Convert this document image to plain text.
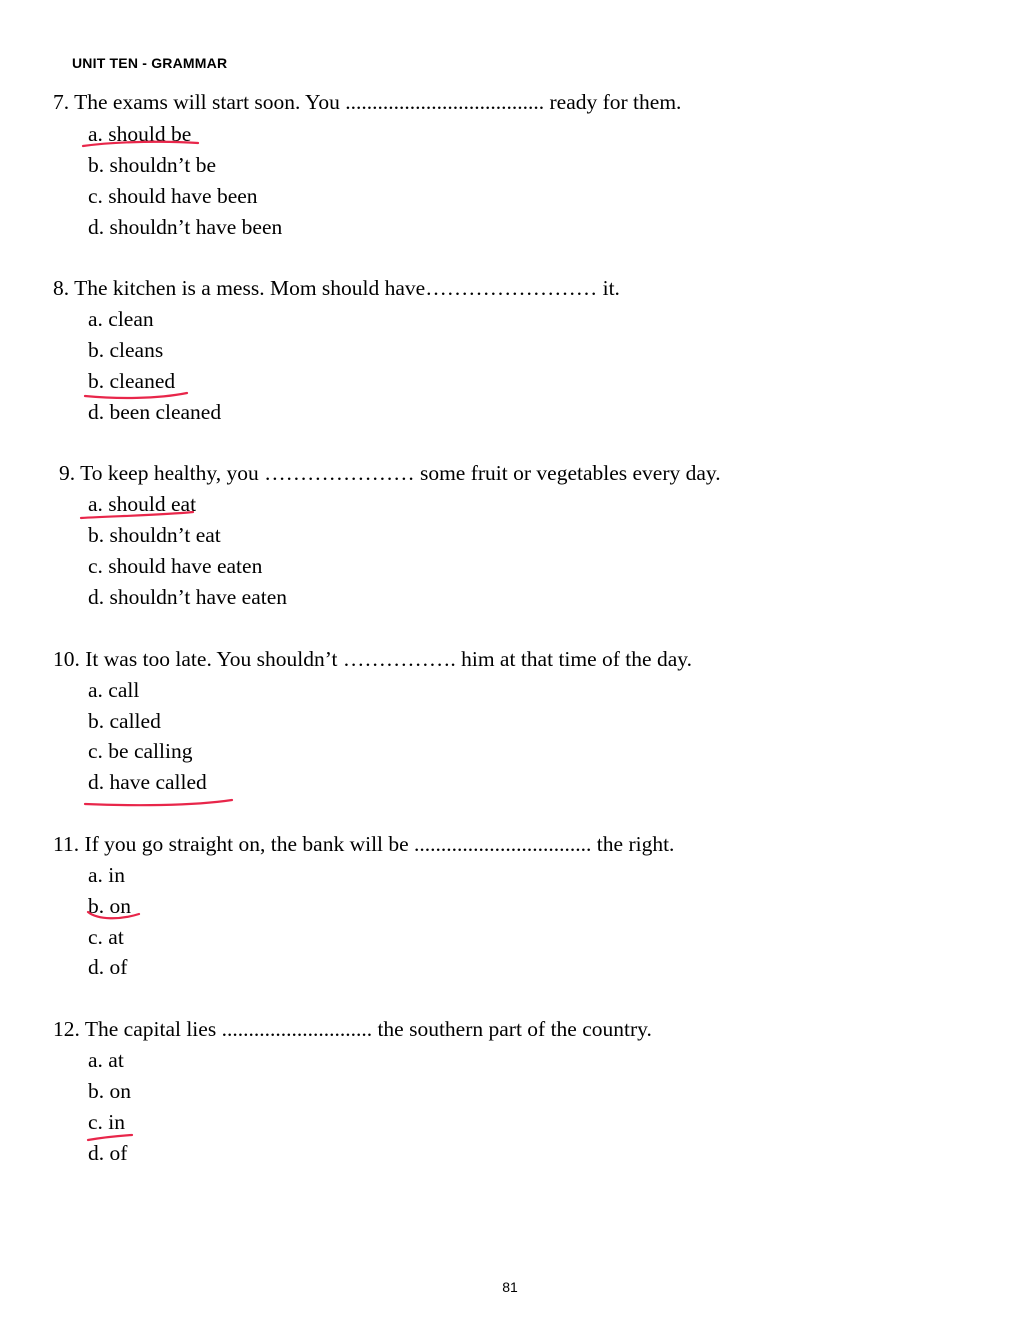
UNIT TEN - GRAMMAR
7. The exams will start soon. You ..................................... ready for them.
a. should be
b. shouldn’t be
c. should have been
d. shouldn’t have been
8. The kitchen is a mess. Mom should have…………………… it.
a. clean
b. cleans
b. cleaned
d. been cleaned
9. To keep healthy, you ………………… some fruit or vegetables every day.
a. should eat
b. shouldn’t eat
c. should have eaten
d. shouldn’t have eaten
10. It was too late. You shouldn’t ……………. him at that time of the day.
a. call
b. called
c. be calling
d. have called
11. If you go straight on, the bank will be ................................. the right.
a. in
b. on
c. at
d. of
12. The capital lies ............................ the southern part of the country.
a. at
b. on
c. in
d. of
81
